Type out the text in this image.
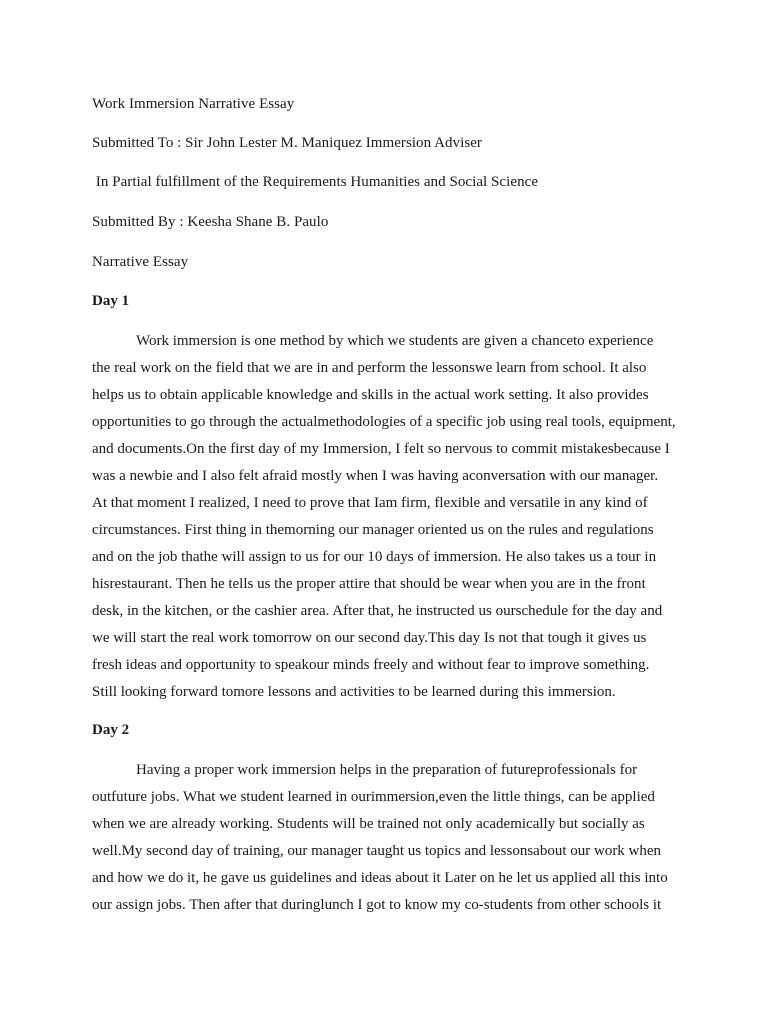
Work Immersion Narrative Essay
Submitted To : Sir John Lester M. Maniquez Immersion Adviser
In Partial fulfillment of the Requirements Humanities and Social Science
Submitted By : Keesha Shane B. Paulo
Narrative Essay
Day 1
Work immersion is one method by which we students are given a chanceto experience
the real work on the field that we are in and perform the lessonswe learn from school. It also
helps us to obtain applicable knowledge and skills in the actual work setting. It also provides
opportunities to go through the actualmethodologies of a specific job using real tools, equipment,
and documents.On the first day of my Immersion, I felt so nervous to commit mistakesbecause I
was a newbie and I also felt afraid mostly when I was having aconversation with our manager.
At that moment I realized, I need to prove that Iam firm, flexible and versatile in any kind of
circumstances. First thing in themorning our manager oriented us on the rules and regulations
and on the job thathe will assign to us for our 10 days of immersion. He also takes us a tour in
hisrestaurant. Then he tells us the proper attire that should be wear when you are in the front
desk, in the kitchen, or the cashier area. After that, he instructed us ourschedule for the day and
we will start the real work tomorrow on our second day.This day Is not that tough it gives us
fresh ideas and opportunity to speakour minds freely and without fear to improve something.
Still looking forward tomore lessons and activities to be learned during this immersion.
Day 2
Having a proper work immersion helps in the preparation of futureprofessionals for
outfuture jobs. What we student learned in ourimmersion,even the little things, can be applied
when we are already working. Students will be trained not only academically but socially as
well.My second day of training, our manager taught us topics and lessonsabout our work when
and how we do it, he gave us guidelines and ideas about it Later on he let us applied all this into
our assign jobs. Then after that duringlunch I got to know my co-students from other schools it
